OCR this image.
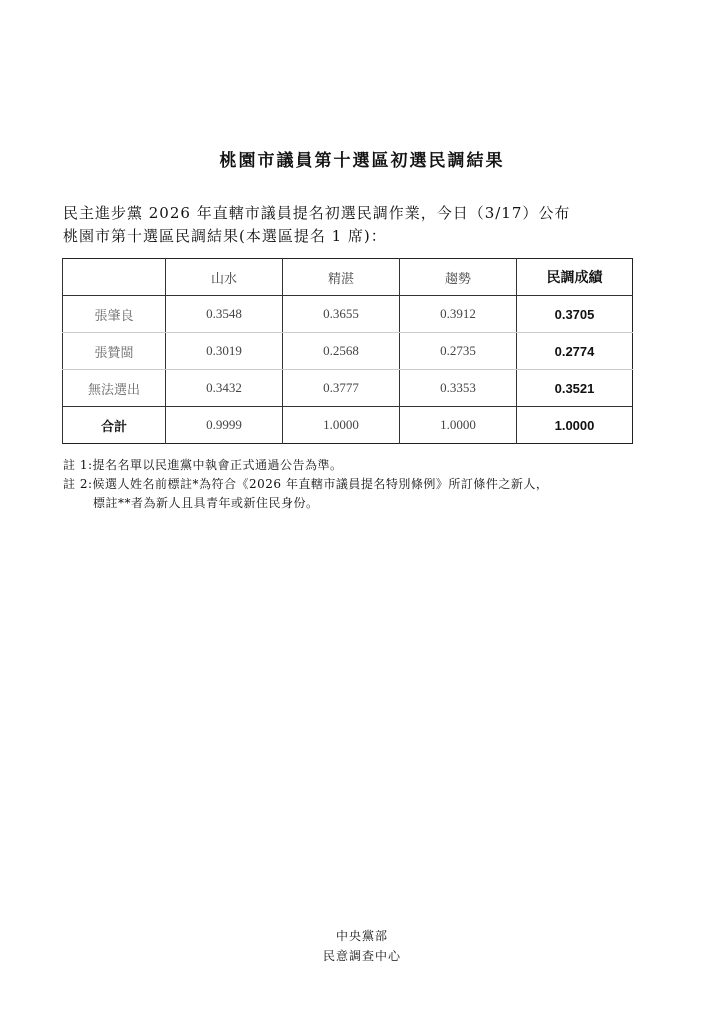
桃園市議員第十選區初選民調結果
民主進步黨 2026 年直轄市議員提名初選民調作業，今日（3/17）公布
桃園市第十選區民調結果(本選區提名 1 席)：
	山水	精湛	趨勢	民調成績
張肇良	0.3548	0.3655	0.3912	0.3705
張贊閩	0.3019	0.2568	0.2735	0.2774
無法選出	0.3432	0.3777	0.3353	0.3521
合計	0.9999	1.0000	1.0000	1.0000
註 1:提名名單以民進黨中執會正式通過公告為準。
註 2:候選人姓名前標註*為符合《2026 年直轄市議員提名特別條例》所訂條件之新人，
標註**者為新人且具青年或新住民身份。
中央黨部
民意調查中心
